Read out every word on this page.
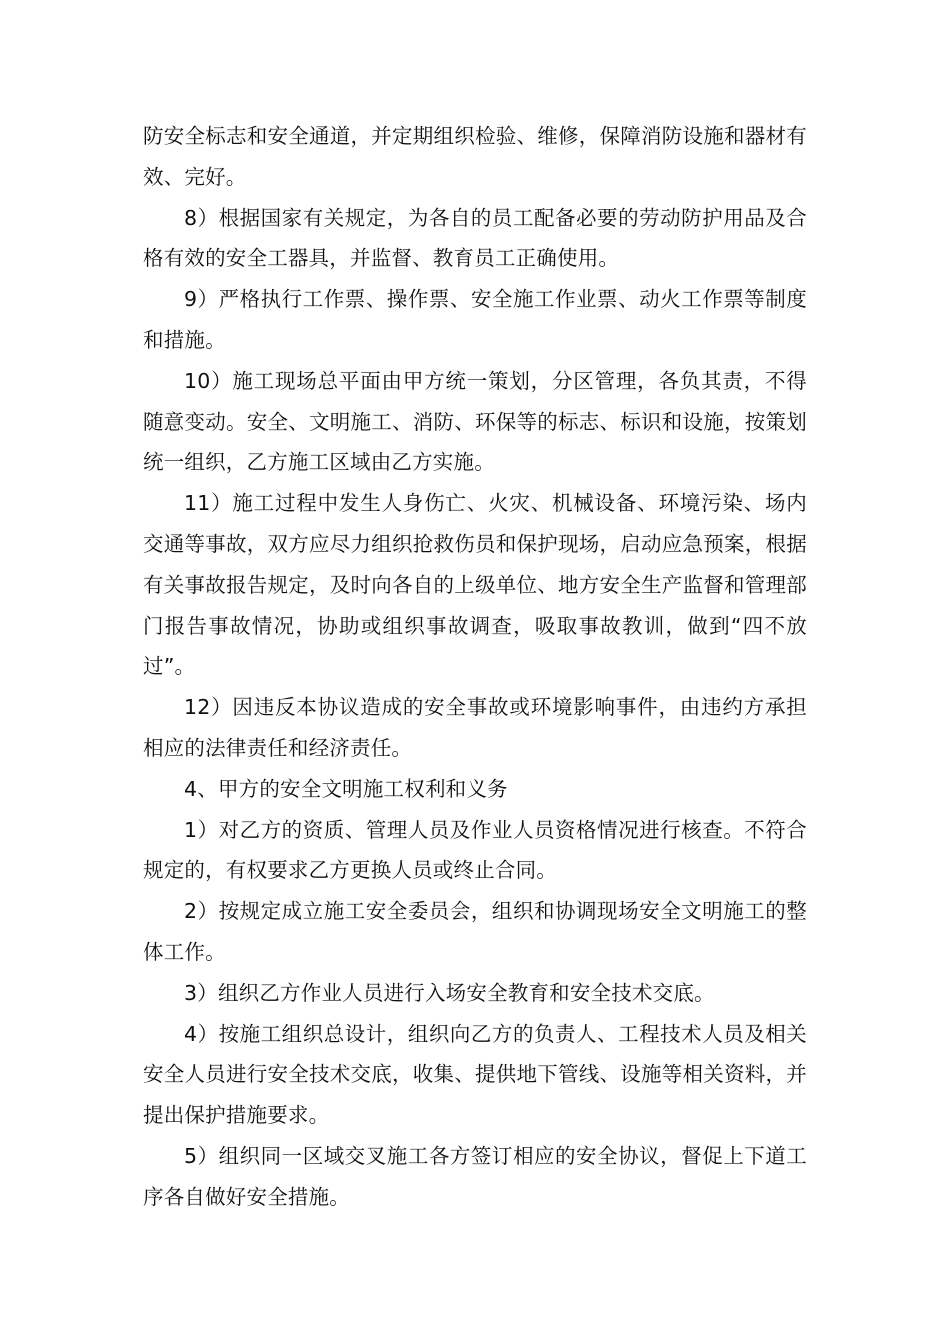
防安全标志和安全通道，并定期组织检验、维修，保障消防设施和器材有效、完好。

8）根据国家有关规定，为各自的员工配备必要的劳动防护用品及合格有效的安全工器具，并监督、教育员工正确使用。

9）严格执行工作票、操作票、安全施工作业票、动火工作票等制度和措施。

10）施工现场总平面由甲方统一策划，分区管理，各负其责，不得随意变动。安全、文明施工、消防、环保等的标志、标识和设施，按策划统一组织，乙方施工区域由乙方实施。

11）施工过程中发生人身伤亡、火灾、机械设备、环境污染、场内交通等事故，双方应尽力组织抢救伤员和保护现场，启动应急预案，根据有关事故报告规定，及时向各自的上级单位、地方安全生产监督和管理部门报告事故情况，协助或组织事故调查，吸取事故教训，做到“四不放过”。

12）因违反本协议造成的安全事故或环境影响事件，由违约方承担相应的法律责任和经济责任。

4、甲方的安全文明施工权利和义务

1）对乙方的资质、管理人员及作业人员资格情况进行核查。不符合规定的，有权要求乙方更换人员或终止合同。

2）按规定成立施工安全委员会，组织和协调现场安全文明施工的整体工作。

3）组织乙方作业人员进行入场安全教育和安全技术交底。

4）按施工组织总设计，组织向乙方的负责人、工程技术人员及相关安全人员进行安全技术交底，收集、提供地下管线、设施等相关资料，并提出保护措施要求。

5）组织同一区域交叉施工各方签订相应的安全协议，督促上下道工序各自做好安全措施。
